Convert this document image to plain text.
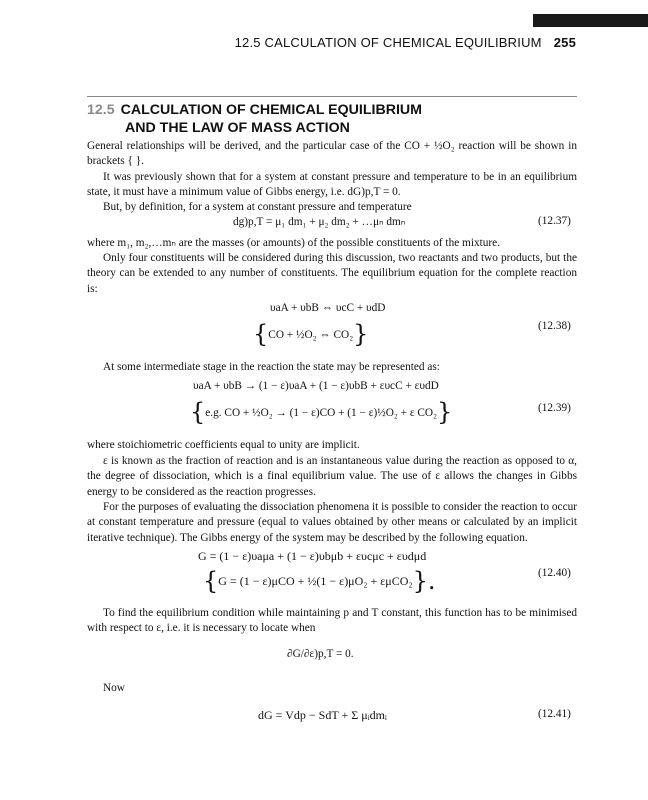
12.5 CALCULATION OF CHEMICAL EQUILIBRIUM 255
12.5 CALCULATION OF CHEMICAL EQUILIBRIUM
AND THE LAW OF MASS ACTION
General relationships will be derived, and the particular case of the CO + ½O₂ reaction will be shown in brackets { }.
It was previously shown that for a system at constant pressure and temperature to be in an equilibrium state, it must have a minimum value of Gibbs energy, i.e. dG)p,T = 0.
But, by definition, for a system at constant pressure and temperature
dg)p,T = μ₁ dm₁ + μ₂ dm₂ + …μₙ dmₙ	(12.37)
where m₁, m₂,…mₙ are the masses (or amounts) of the possible constituents of the mixture.
Only four constituents will be considered during this discussion, two reactants and two products, but the theory can be extended to any number of constituents. The equilibrium equation for the complete reaction is:
υaA + υbB ⇔ υcC + υdD
{CO + ½O₂ ⇔ CO₂}	(12.38)
At some intermediate stage in the reaction the state may be represented as:
υaA + υbB → (1 − ε)υaA + (1 − ε)υbB + ευcC + ευdD
{e.g. CO + ½O₂ → (1 − ε)CO + (1 − ε)½O₂ + ε CO₂}	(12.39)
where stoichiometric coefficients equal to unity are implicit.
ε is known as the fraction of reaction and is an instantaneous value during the reaction as opposed to α, the degree of dissociation, which is a final equilibrium value. The use of ε allows the changes in Gibbs energy to be considered as the reaction progresses.
For the purposes of evaluating the dissociation phenomena it is possible to consider the reaction to occur at constant temperature and pressure (equal to values obtained by other means or calculated by an implicit iterative technique). The Gibbs energy of the system may be described by the following equation.
G = (1 − ε)υaμa + (1 − ε)υbμb + ευcμc + ευdμd
{G = (1 − ε)μCO + ½(1 − ε)μO₂ + εμCO₂}.	(12.40)
To find the equilibrium condition while maintaining p and T constant, this function has to be minimised with respect to ε, i.e. it is necessary to locate when
∂G/∂ε)p,T = 0.
Now
dG = Vdp − SdT + Σ μᵢdmᵢ	(12.41)
